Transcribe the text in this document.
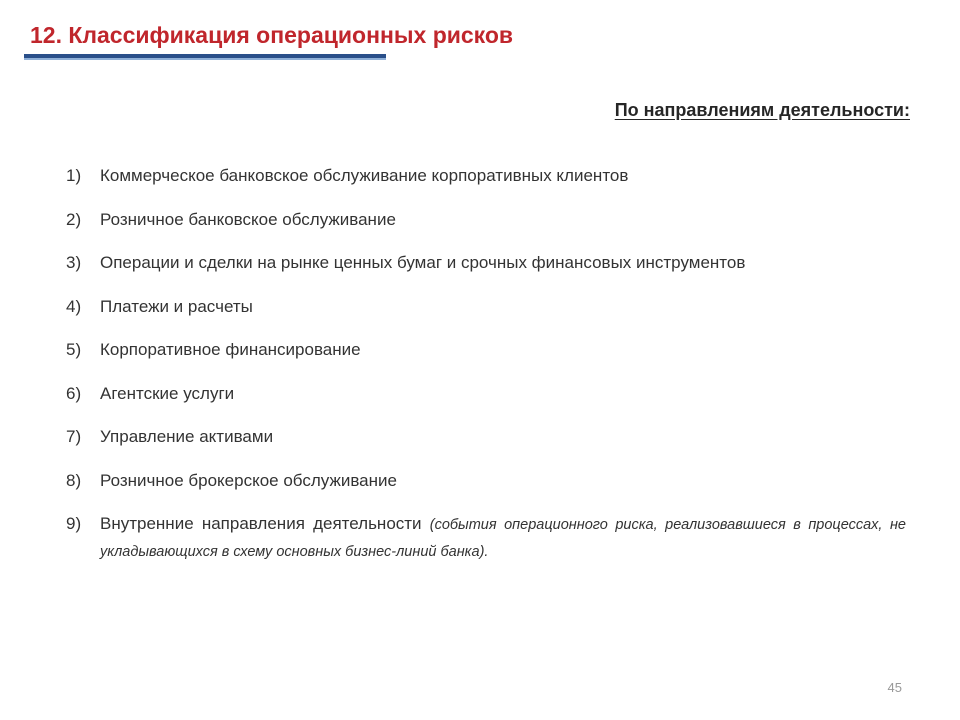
12. Классификация операционных рисков
По направлениям деятельности:
1)	Коммерческое банковское обслуживание корпоративных клиентов
2)	Розничное банковское обслуживание
3)	Операции и сделки на рынке ценных бумаг и срочных финансовых инструментов
4)	Платежи и расчеты
5)	Корпоративное финансирование
6)	Агентские услуги
7)	Управление активами
8)	Розничное брокерское обслуживание
9)	Внутренние направления деятельности (события операционного риска, реализовавшиеся в процессах, не укладывающихся в схему основных бизнес-линий банка).
45
